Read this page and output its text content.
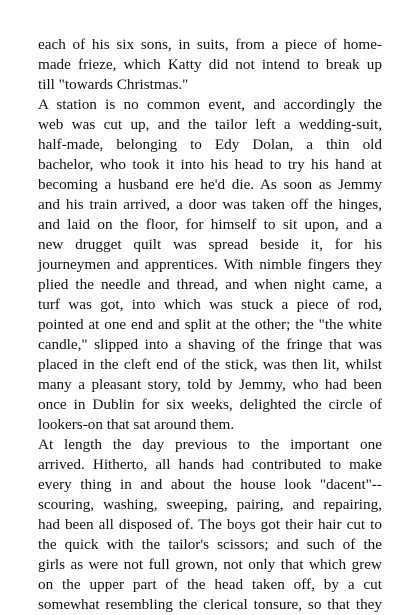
each of his six sons, in suits, from a piece of home-
made frieze, which Katty did not intend to break up
till "towards Christmas."
A station is no common event, and accordingly the
web was cut up, and the tailor left a wedding-suit,
half-made, belonging to Edy Dolan, a thin old
bachelor, who took it into his head to try his hand at
becoming a husband ere he'd die. As soon as Jemmy
and his train arrived, a door was taken off the hinges,
and laid on the floor, for himself to sit upon, and a
new drugget quilt was spread beside it, for his
journeymen and apprentices. With nimble fingers they
plied the needle and thread, and when night came, a
turf was got, into which was stuck a piece of rod,
pointed at one end and split at the other; the "the white
candle," slipped into a shaving of the fringe that was
placed in the cleft end of the stick, was then lit, whilst
many a pleasant story, told by Jemmy, who had been
once in Dublin for six weeks, delighted the circle of
lookers-on that sat around them.
At length the day previous to the important one
arrived. Hitherto, all hands had contributed to make
every thing in and about the house look "dacent"--
scouring, washing, sweeping, pairing, and repairing,
had been all disposed of. The boys got their hair cut to
the quick with the tailor's scissors; and such of the
girls as were not full grown, not only that which grew
on the upper part of the head taken off, by a cut
somewhat resembling the clerical tonsure, so that they
